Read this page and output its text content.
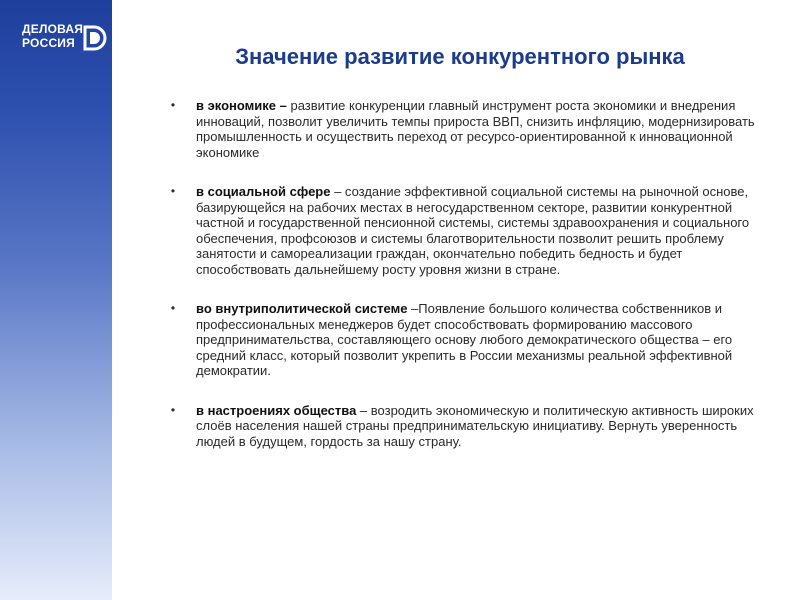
ДЕЛОВАЯ
РОССИЯ
Значение развитие конкурентного рынка
• в экономике – развитие конкуренции главный инструмент роста экономики и внедрения инноваций, позволит увеличить темпы прироста ВВП, снизить инфляцию, модернизировать промышленность и осуществить переход от ресурсо-ориентированной к инновационной экономике
• в социальной сфере – создание эффективной социальной системы на рыночной основе, базирующейся на рабочих местах в негосударственном секторе, развитии конкурентной частной и государственной пенсионной системы, системы здравоохранения и социального обеспечения, профсоюзов и системы благотворительности позволит решить проблему занятости и самореализации граждан, окончательно победить бедность и будет способствовать дальнейшему росту уровня жизни в стране.
• во внутриполитической системе –Появление большого количества собственников и профессиональных менеджеров будет способствовать формированию массового предпринимательства, составляющего основу любого демократического общества – его средний класс, который позволит укрепить в России механизмы реальной эффективной демократии.
• в настроениях общества – возродить экономическую и политическую активность широких слоёв населения нашей страны предпринимательскую инициативу. Вернуть уверенность людей в будущем, гордость за нашу страну.
